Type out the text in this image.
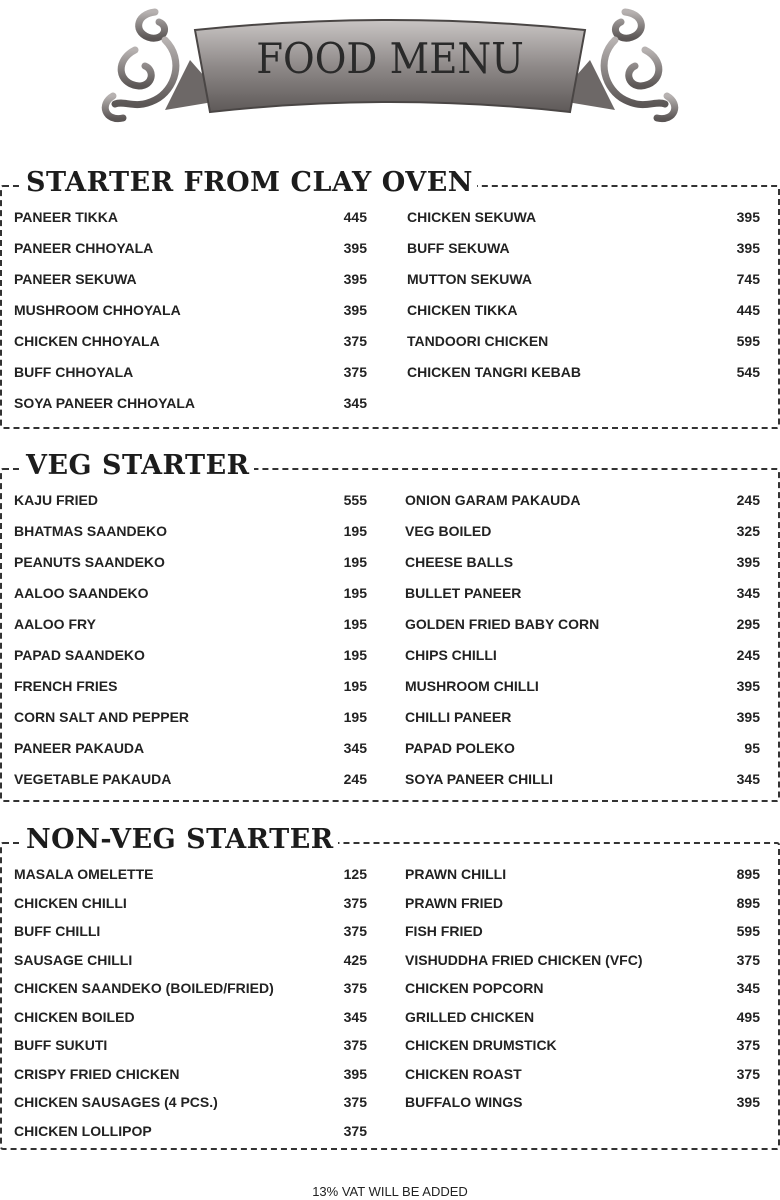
FOOD MENU
STARTER FROM CLAY OVEN
PANEER TIKKA	445
PANEER CHHOYALA	395
PANEER SEKUWA	395
MUSHROOM CHHOYALA	395
CHICKEN CHHOYALA	375
BUFF CHHOYALA	375
SOYA PANEER CHHOYALA	345
CHICKEN SEKUWA	395
BUFF SEKUWA	395
MUTTON SEKUWA	745
CHICKEN TIKKA	445
TANDOORI CHICKEN	595
CHICKEN TANGRI KEBAB	545
VEG STARTER
KAJU FRIED	555
BHATMAS SAANDEKO	195
PEANUTS SAANDEKO	195
AALOO SAANDEKO	195
AALOO FRY	195
PAPAD SAANDEKO	195
FRENCH FRIES	195
CORN SALT AND PEPPER	195
PANEER PAKAUDA	345
VEGETABLE PAKAUDA	245
ONION GARAM PAKAUDA	245
VEG BOILED	325
CHEESE BALLS	395
BULLET PANEER	345
GOLDEN FRIED BABY CORN	295
CHIPS CHILLI	245
MUSHROOM CHILLI	395
CHILLI PANEER	395
PAPAD POLEKO	95
SOYA PANEER CHILLI	345
NON-VEG STARTER
MASALA OMELETTE	125
CHICKEN CHILLI	375
BUFF CHILLI	375
SAUSAGE CHILLI	425
CHICKEN SAANDEKO (BOILED/FRIED)	375
CHICKEN BOILED	345
BUFF SUKUTI	375
CRISPY FRIED CHICKEN	395
CHICKEN SAUSAGES (4 PCS.)	375
CHICKEN LOLLIPOP	375
PRAWN CHILLI	895
PRAWN FRIED	895
FISH FRIED	595
VISHUDDHA FRIED CHICKEN (VFC)	375
CHICKEN POPCORN	345
GRILLED CHICKEN	495
CHICKEN DRUMSTICK	375
CHICKEN ROAST	375
BUFFALO WINGS	395
13% VAT WILL BE ADDED
